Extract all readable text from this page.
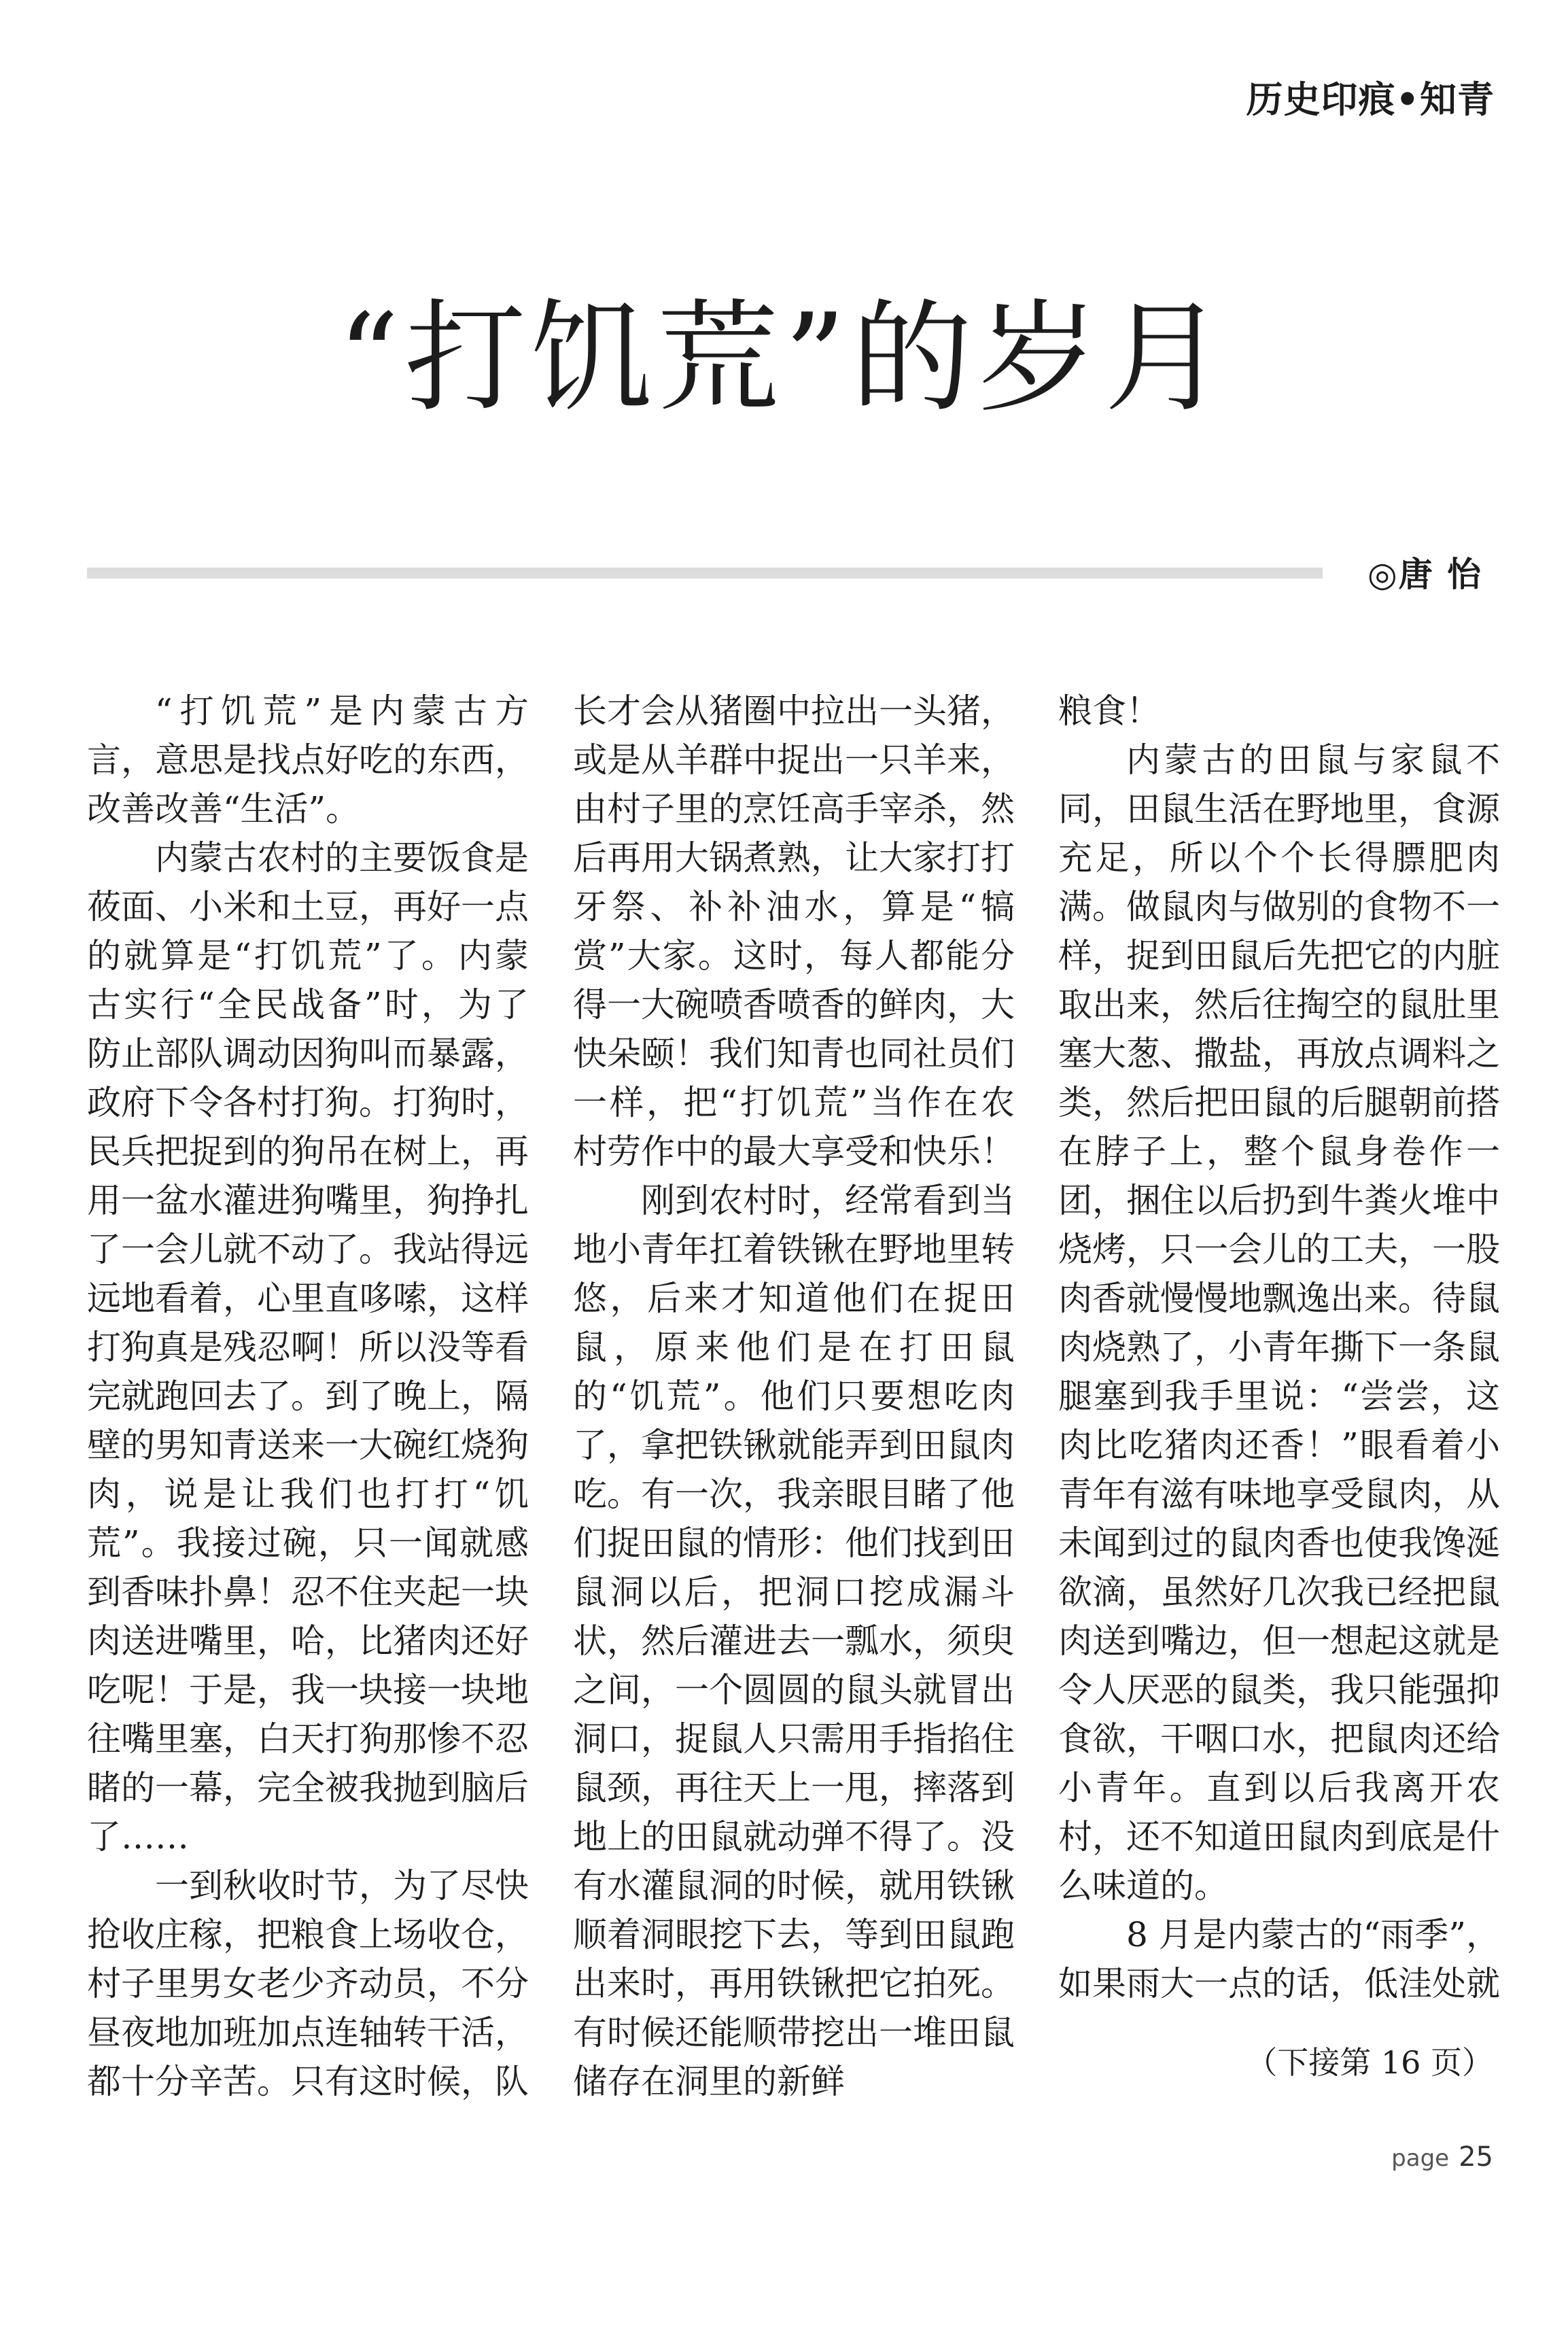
历史印痕•知青
“打饥荒”的岁月
◎唐 怡

“打饥荒”是内蒙古方言，意思是找点好吃的东西，改善改善“生活”。

内蒙古农村的主要饭食是莜面、小米和土豆，再好一点的就算是“打饥荒”了。内蒙古实行“全民战备”时，为了防止部队调动因狗叫而暴露，政府下令各村打狗。打狗时，民兵把捉到的狗吊在树上，再用一盆水灌进狗嘴里，狗挣扎了一会儿就不动了。我站得远远地看着，心里直哆嗦，这样打狗真是残忍啊！所以没等看完就跑回去了。到了晚上，隔壁的男知青送来一大碗红烧狗肉，说是让我们也打打“饥荒”。我接过碗，只一闻就感到香味扑鼻！忍不住夹起一块肉送进嘴里，哈，比猪肉还好吃呢！于是，我一块接一块地往嘴里塞，白天打狗那惨不忍睹的一幕，完全被我抛到脑后了……

一到秋收时节，为了尽快抢收庄稼，把粮食上场收仓，村子里男女老少齐动员，不分昼夜地加班加点连轴转干活，都十分辛苦。只有这时候，队

长才会从猪圈中拉出一头猪，或是从羊群中捉出一只羊来，由村子里的烹饪高手宰杀，然后再用大锅煮熟，让大家打打牙祭、补补油水，算是“犒赏”大家。这时，每人都能分得一大碗喷香喷香的鲜肉，大快朵颐！我们知青也同社员们一样，把“打饥荒”当作在农村劳作中的最大享受和快乐！

刚到农村时，经常看到当地小青年扛着铁锹在野地里转悠，后来才知道他们在捉田鼠，原来他们是在打田鼠的“饥荒”。他们只要想吃肉了，拿把铁锹就能弄到田鼠肉吃。有一次，我亲眼目睹了他们捉田鼠的情形：他们找到田鼠洞以后，把洞口挖成漏斗状，然后灌进去一瓢水，须臾之间，一个圆圆的鼠头就冒出洞口，捉鼠人只需用手指掐住鼠颈，再往天上一甩，摔落到地上的田鼠就动弹不得了。没有水灌鼠洞的时候，就用铁锹顺着洞眼挖下去，等到田鼠跑出来时，再用铁锹把它拍死。有时候还能顺带挖出一堆田鼠储存在洞里的新鲜

粮食！

内蒙古的田鼠与家鼠不同，田鼠生活在野地里，食源充足，所以个个长得膘肥肉满。做鼠肉与做别的食物不一样，捉到田鼠后先把它的内脏取出来，然后往掏空的鼠肚里塞大葱、撒盐，再放点调料之类，然后把田鼠的后腿朝前搭在脖子上，整个鼠身卷作一团，捆住以后扔到牛粪火堆中烧烤，只一会儿的工夫，一股肉香就慢慢地飘逸出来。待鼠肉烧熟了，小青年撕下一条鼠腿塞到我手里说：“尝尝，这肉比吃猪肉还香！”眼看着小青年有滋有味地享受鼠肉，从未闻到过的鼠肉香也使我馋涎欲滴，虽然好几次我已经把鼠肉送到嘴边，但一想起这就是令人厌恶的鼠类，我只能强抑食欲，干咽口水，把鼠肉还给小青年。直到以后我离开农村，还不知道田鼠肉到底是什么味道的。

8 月是内蒙古的“雨季”，如果雨大一点的话，低洼处就

（下接第 16 页）
page 25
